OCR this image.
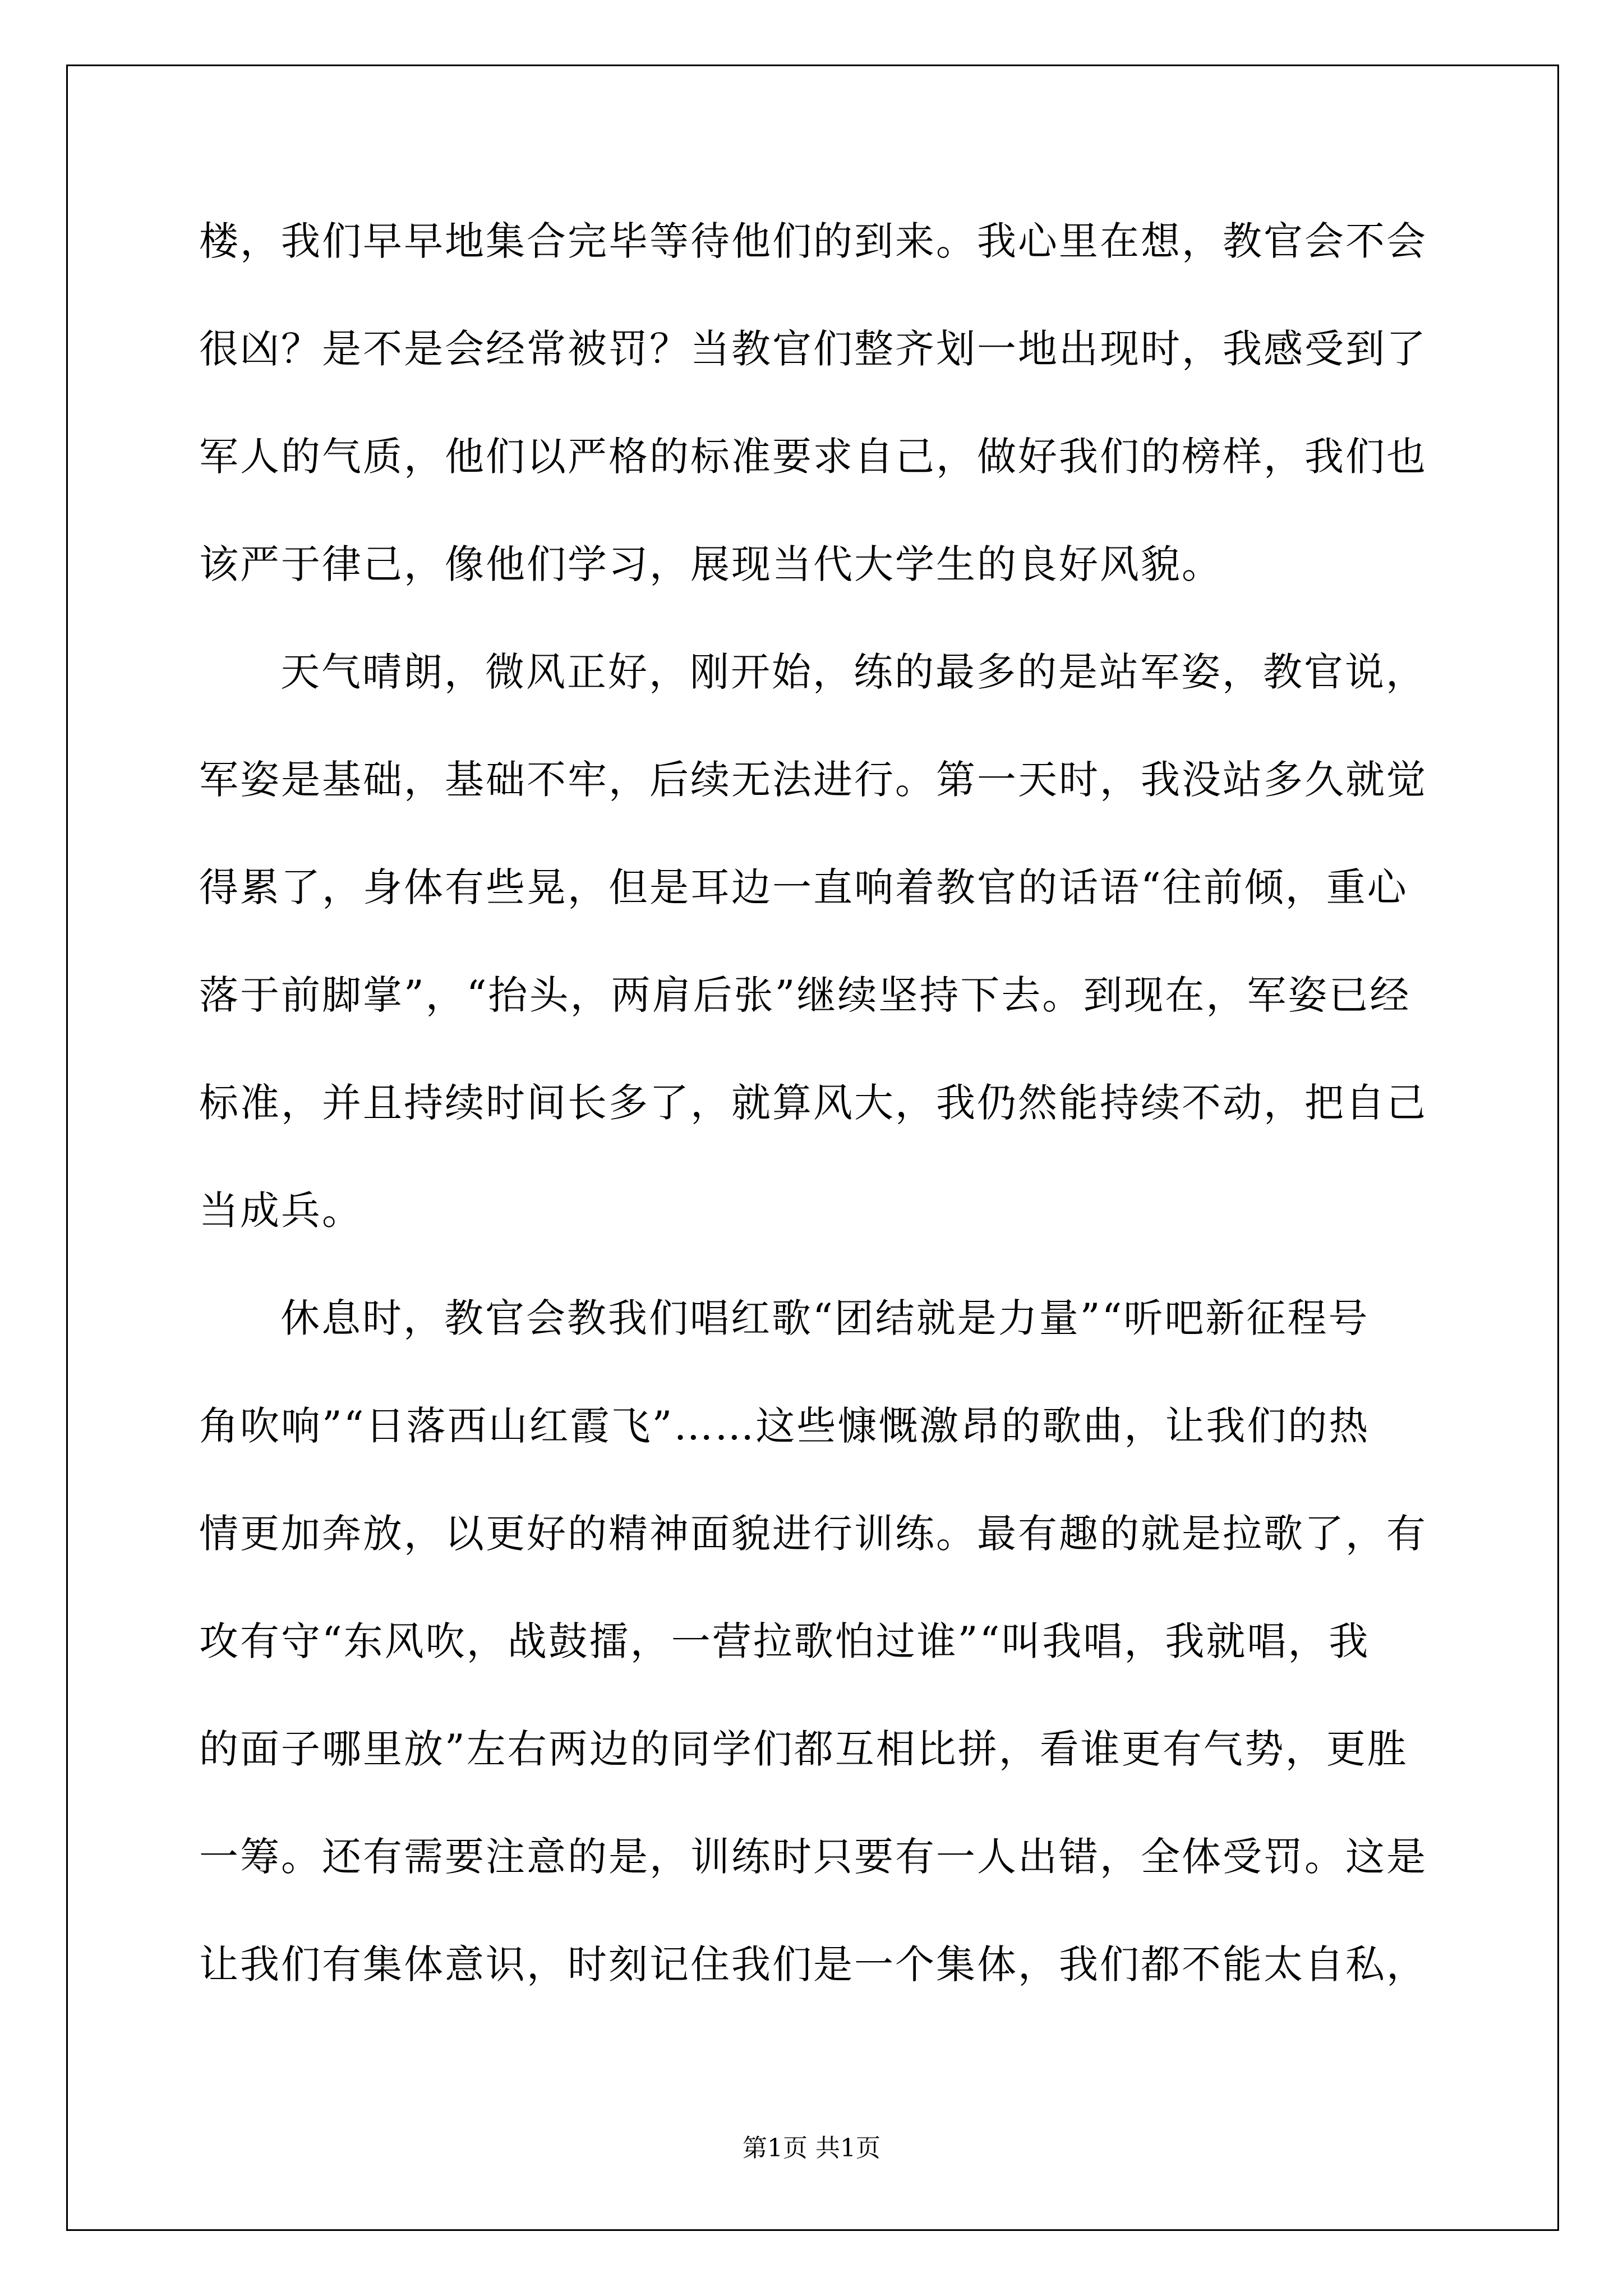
楼，我们早早地集合完毕等待他们的到来。我心里在想，教官会不会
很凶？是不是会经常被罚？当教官们整齐划一地出现时，我感受到了
军人的气质，他们以严格的标准要求自己，做好我们的榜样，我们也
该严于律己，像他们学习，展现当代大学生的良好风貌。
天气晴朗，微风正好，刚开始，练的最多的是站军姿，教官说，
军姿是基础，基础不牢，后续无法进行。第一天时，我没站多久就觉
得累了，身体有些晃，但是耳边一直响着教官的话语“往前倾，重心
落于前脚掌”，“抬头，两肩后张”继续坚持下去。到现在，军姿已经
标准，并且持续时间长多了，就算风大，我仍然能持续不动，把自己
当成兵。
休息时，教官会教我们唱红歌“团结就是力量”“听吧新征程号
角吹响”“日落西山红霞飞”……这些慷慨激昂的歌曲，让我们的热
情更加奔放，以更好的精神面貌进行训练。最有趣的就是拉歌了，有
攻有守“东风吹，战鼓擂，一营拉歌怕过谁”“叫我唱，我就唱，我
的面子哪里放”左右两边的同学们都互相比拼，看谁更有气势，更胜
一筹。还有需要注意的是，训练时只要有一人出错，全体受罚。这是
让我们有集体意识，时刻记住我们是一个集体，我们都不能太自私，
第1页 共1页
